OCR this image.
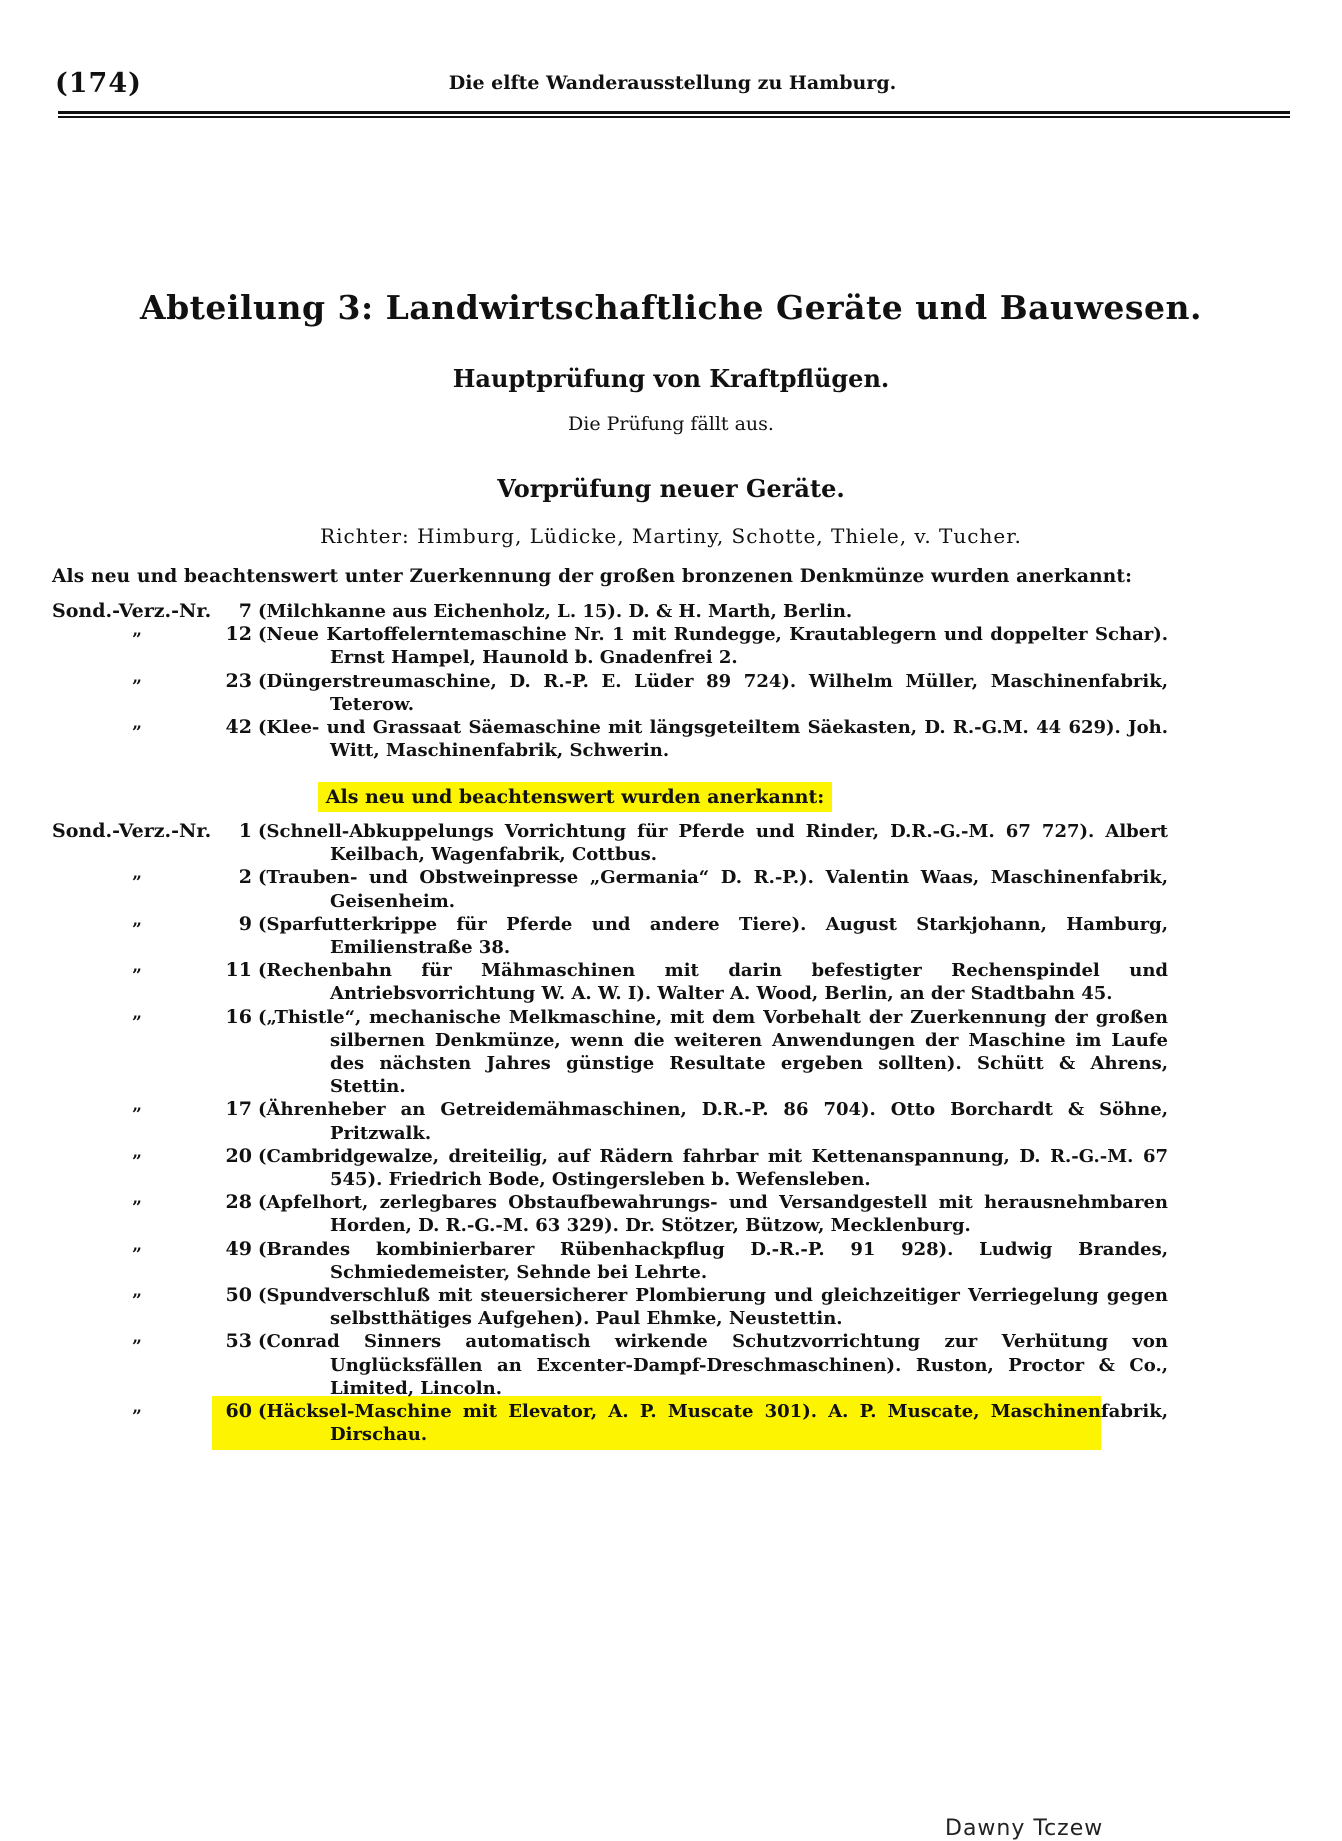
(174)	Die elfte Wanderausstellung zu Hamburg.
Abteilung 3: Landwirtschaftliche Geräte und Bauwesen.
Hauptprüfung von Kraftpflügen.
Die Prüfung fällt aus.
Vorprüfung neuer Geräte.
Richter: Himburg, Lüdicke, Martiny, Schotte, Thiele, v. Tucher.
Als neu und beachtenswert unter Zuerkennung der großen bronzenen Denkmünze wurden anerkannt:
Sond.-Verz.-Nr.	7 (Milchkanne aus Eichenholz, L. 15). D. & H. Marth, Berlin.
”	12 (Neue Kartoffelerntemaschine Nr. 1 mit Rundegge, Krautablegern und doppelter Schar). Ernst Hampel, Haunold b. Gnadenfrei 2.
”	23 (Düngerstreumaschine, D. R.-P. E. Lüder 89 724). Wilhelm Müller, Maschinenfabrik, Teterow.
”	42 (Klee- und Grassaat Säemaschine mit längsgeteiltem Säekasten, D. R.-G.M. 44 629). Joh. Witt, Maschinenfabrik, Schwerin.
Als neu und beachtenswert wurden anerkannt:
Sond.-Verz.-Nr.	1 (Schnell-Abkuppelungs Vorrichtung für Pferde und Rinder, D.R.-G.-M. 67 727). Albert Keilbach, Wagenfabrik, Cottbus.
”	2 (Trauben- und Obstweinpresse „Germania“ D. R.-P.). Valentin Waas, Maschinenfabrik, Geisenheim.
”	9 (Sparfutterkrippe für Pferde und andere Tiere). August Starkjohann, Hamburg, Emilienstraße 38.
”	11 (Rechenbahn für Mähmaschinen mit darin befestigter Rechenspindel und Antriebsvorrichtung W. A. W. I). Walter A. Wood, Berlin, an der Stadtbahn 45.
”	16 („Thistle“, mechanische Melkmaschine, mit dem Vorbehalt der Zuerkennung der großen silbernen Denkmünze, wenn die weiteren Anwendungen der Maschine im Laufe des nächsten Jahres günstige Resultate ergeben sollten). Schütt & Ahrens, Stettin.
”	17 (Ährenheber an Getreidemähmaschinen, D.R.-P. 86 704). Otto Borchardt & Söhne, Pritzwalk.
”	20 (Cambridgewalze, dreiteilig, auf Rädern fahrbar mit Kettenanspannung, D. R.-G.-M. 67 545). Friedrich Bode, Ostingersleben b. Wefensleben.
”	28 (Apfelhort, zerlegbares Obstaufbewahrungs- und Versandgestell mit herausnehmbaren Horden, D. R.-G.-M. 63 329). Dr. Stötzer, Bützow, Mecklenburg.
”	49 (Brandes kombinierbarer Rübenhackpflug D.-R.-P. 91 928). Ludwig Brandes, Schmiedemeister, Sehnde bei Lehrte.
”	50 (Spundverschluß mit steuersicherer Plombierung und gleichzeitiger Verriegelung gegen selbstthätiges Aufgehen). Paul Ehmke, Neustettin.
”	53 (Conrad Sinners automatisch wirkende Schutzvorrichtung zur Verhütung von Unglücksfällen an Excenter-Dampf-Dreschmaschinen). Ruston, Proctor & Co., Limited, Lincoln.
”	60 (Häcksel-Maschine mit Elevator, A. P. Muscate 301). A. P. Muscate, Maschinenfabrik, Dirschau.
Dawny Tczew
